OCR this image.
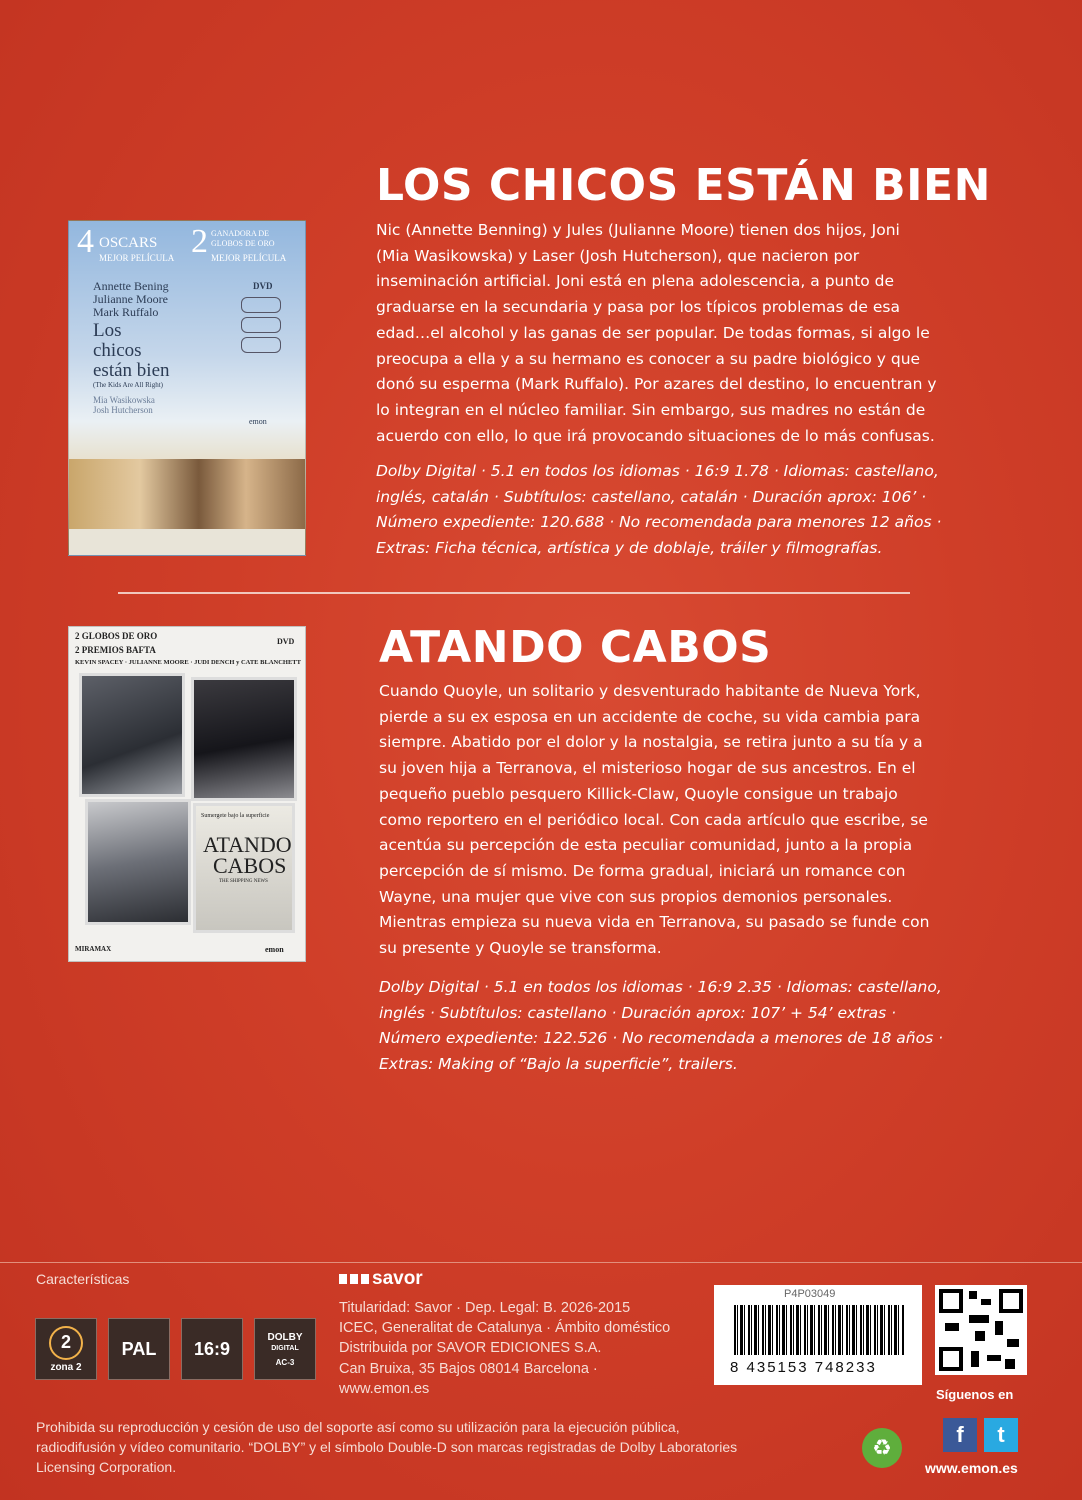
4 OSCARS
MEJOR PELÍCULA 2 GANADORA DE GLOBOS DE ORO
MEJOR PELÍCULA
Annette Bening
Julianne Moore
Mark Ruffalo
Los
chicos
están bien
(The Kids Are All Right)
Mia Wasikowska
Josh Hutcherson
DVD
emon
LOS CHICOS ESTÁN BIEN
Nic (Annette Benning) y Jules (Julianne Moore) tienen dos hijos, Joni
(Mia Wasikowska) y Laser (Josh Hutcherson), que nacieron por
inseminación artificial. Joni está en plena adolescencia, a punto de
graduarse en la secundaria y pasa por los típicos problemas de esa
edad…el alcohol y las ganas de ser popular. De todas formas, si algo le
preocupa a ella y a su hermano es conocer a su padre biológico y que
donó su esperma (Mark Ruffalo). Por azares del destino, lo encuentran y
lo integran en el núcleo familiar. Sin embargo, sus madres no están de
acuerdo con ello, lo que irá provocando situaciones de lo más confusas.
Dolby Digital · 5.1 en todos los idiomas · 16:9 1.78 · Idiomas: castellano,
inglés, catalán · Subtítulos: castellano, catalán · Duración aprox: 106’ ·
Número expediente: 120.688 · No recomendada para menores 12 años ·
Extras: Ficha técnica, artística y de doblaje, tráiler y filmografías.
2 GLOBOS DE ORO
2 PREMIOS BAFTA
DVD
KEVIN SPACEY · JULIANNE MOORE · JUDI DENCH y CATE BLANCHETT
Sumergete bajo la superficie
ATANDO
CABOS
THE SHIPPING NEWS
MIRAMAX	emon
ATANDO CABOS
Cuando Quoyle, un solitario y desventurado habitante de Nueva York,
pierde a su ex esposa en un accidente de coche, su vida cambia para
siempre. Abatido por el dolor y la nostalgia, se retira junto a su tía y a
su joven hija a Terranova, el misterioso hogar de sus ancestros. En el
pequeño pueblo pesquero Killick-Claw, Quoyle consigue un trabajo
como reportero en el periódico local. Con cada artículo que escribe, se
acentúa su percepción de esta peculiar comunidad, junto a la propia
percepción de sí mismo. De forma gradual, iniciará un romance con
Wayne, una mujer que vive con sus propios demonios personales.
Mientras empieza su nueva vida en Terranova, su pasado se funde con
su presente y Quoyle se transforma.
Dolby Digital · 5.1 en todos los idiomas · 16:9 2.35 · Idiomas: castellano,
inglés · Subtítulos: castellano · Duración aprox: 107’ + 54’ extras ·
Número expediente: 122.526 · No recomendada a menores de 18 años ·
Extras: Making of “Bajo la superficie”, trailers.
Características
2
zona 2
PAL	16:9
DOLBY
DIGITAL
AC-3
savor
Titularidad: Savor · Dep. Legal: B. 2026-2015
ICEC, Generalitat de Catalunya · Ámbito doméstico
Distribuida por SAVOR EDICIONES S.A.
Can Bruixa, 35 Bajos 08014 Barcelona ·
www.emon.es
P4P03049
8 435153 748233
Síguenos en
f	t
www.emon.es
♻
Prohibida su reproducción y cesión de uso del soporte así como su utilización para la ejecución pública,
radiodifusión y vídeo comunitario. “DOLBY” y el símbolo Double-D son marcas registradas de Dolby Laboratories
Licensing Corporation.
